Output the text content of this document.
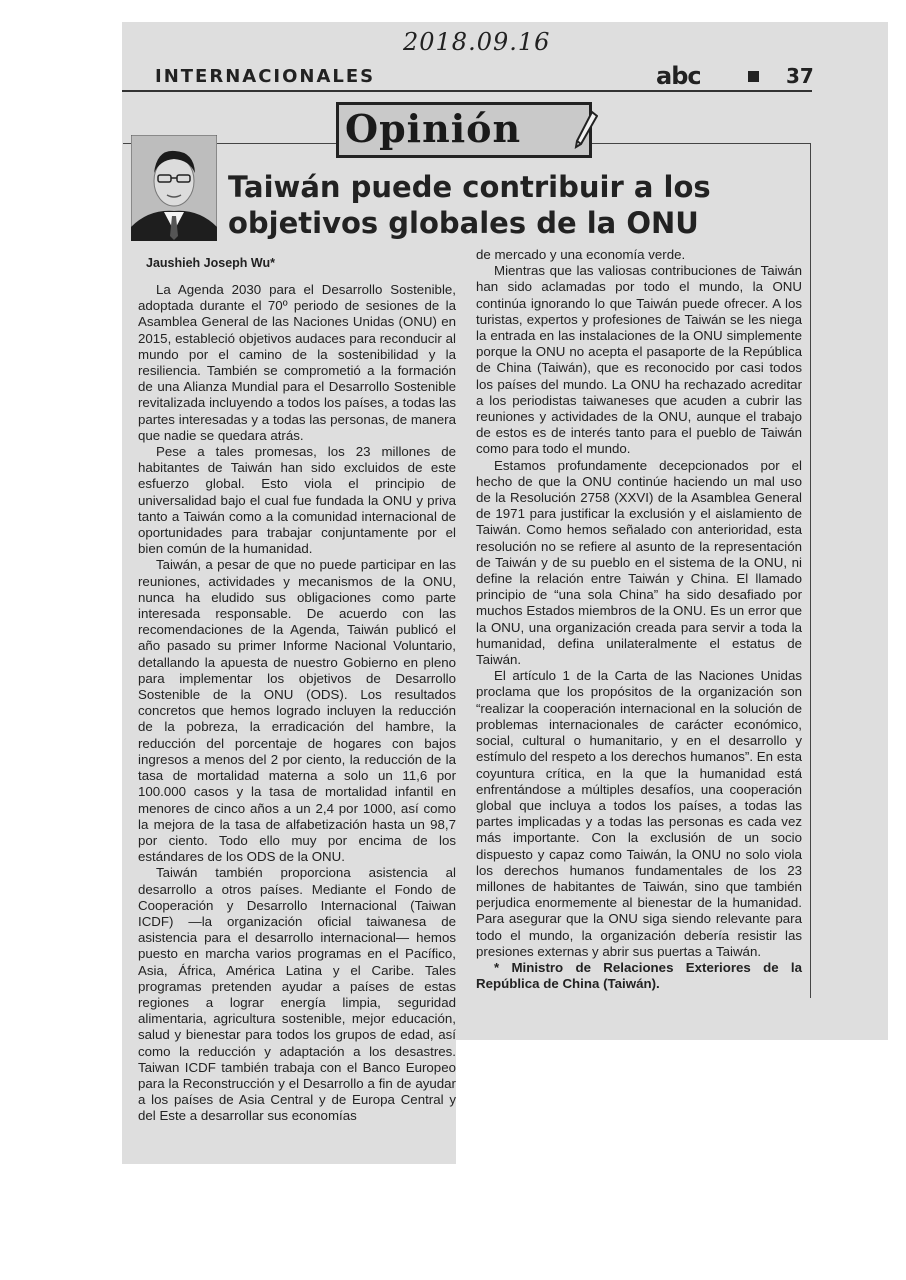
2018.09.16
INTERNACIONALES	abc	37
Opinión
Taiwán puede contribuir a los
objetivos globales de la ONU
Jaushieh Joseph Wu*

La Agenda 2030 para el Desarrollo Sostenible, adoptada durante el 70º periodo de sesiones de la Asamblea General de las Naciones Unidas (ONU) en 2015, estableció objetivos audaces para reconducir al mundo por el camino de la sostenibilidad y la resiliencia. También se comprometió a la formación de una Alianza Mundial para el Desarrollo Sostenible revitalizada incluyendo a todos los países, a todas las partes interesadas y a todas las personas, de manera que nadie se quedara atrás.

Pese a tales promesas, los 23 millones de habitantes de Taiwán han sido excluidos de este esfuerzo global. Esto viola el principio de universalidad bajo el cual fue fundada la ONU y priva tanto a Taiwán como a la comunidad internacional de oportunidades para trabajar conjuntamente por el bien común de la humanidad.

Taiwán, a pesar de que no puede participar en las reuniones, actividades y mecanismos de la ONU, nunca ha eludido sus obligaciones como parte interesada responsable. De acuerdo con las recomendaciones de la Agenda, Taiwán publicó el año pasado su primer Informe Nacional Voluntario, detallando la apuesta de nuestro Gobierno en pleno para implementar los objetivos de Desarrollo Sostenible de la ONU (ODS). Los resultados concretos que hemos logrado incluyen la reducción de la pobreza, la erradicación del hambre, la reducción del porcentaje de hogares con bajos ingresos a menos del 2 por ciento, la reducción de la tasa de mortalidad materna a solo un 11,6 por 100.000 casos y la tasa de mortalidad infantil en menores de cinco años a un 2,4 por 1000, así como la mejora de la tasa de alfabetización hasta un 98,7 por ciento. Todo ello muy por encima de los estándares de los ODS de la ONU.

Taiwán también proporciona asistencia al desarrollo a otros países. Mediante el Fondo de Cooperación y Desarrollo Internacional (Taiwan ICDF) —la organización oficial taiwanesa de asistencia para el desarrollo internacional— hemos puesto en marcha varios programas en el Pacífico, Asia, África, América Latina y el Caribe. Tales programas pretenden ayudar a países de estas regiones a lograr energía limpia, seguridad alimentaria, agricultura sostenible, mejor educación, salud y bienestar para todos los grupos de edad, así como la reducción y adaptación a los desastres. Taiwan ICDF también trabaja con el Banco Europeo para la Reconstrucción y el Desarrollo a fin de ayudar a los países de Asia Central y de Europa Central y del Este a desarrollar sus economías

de mercado y una economía verde.

Mientras que las valiosas contribuciones de Taiwán han sido aclamadas por todo el mundo, la ONU continúa ignorando lo que Taiwán puede ofrecer. A los turistas, expertos y profesiones de Taiwán se les niega la entrada en las instalaciones de la ONU simplemente porque la ONU no acepta el pasaporte de la República de China (Taiwán), que es reconocido por casi todos los países del mundo. La ONU ha rechazado acreditar a los periodistas taiwaneses que acuden a cubrir las reuniones y actividades de la ONU, aunque el trabajo de estos es de interés tanto para el pueblo de Taiwán como para todo el mundo.

Estamos profundamente decepcionados por el hecho de que la ONU continúe haciendo un mal uso de la Resolución 2758 (XXVI) de la Asamblea General de 1971 para justificar la exclusión y el aislamiento de Taiwán. Como hemos señalado con anterioridad, esta resolución no se refiere al asunto de la representación de Taiwán y de su pueblo en el sistema de la ONU, ni define la relación entre Taiwán y China. El llamado principio de “una sola China” ha sido desafiado por muchos Estados miembros de la ONU. Es un error que la ONU, una organización creada para servir a toda la humanidad, defina unilateralmente el estatus de Taiwán.

El artículo 1 de la Carta de las Naciones Unidas proclama que los propósitos de la organización son “realizar la cooperación internacional en la solución de problemas internacionales de carácter económico, social, cultural o humanitario, y en el desarrollo y estímulo del respeto a los derechos humanos”. En esta coyuntura crítica, en la que la humanidad está enfrentándose a múltiples desafíos, una cooperación global que incluya a todos los países, a todas las partes implicadas y a todas las personas es cada vez más importante. Con la exclusión de un socio dispuesto y capaz como Taiwán, la ONU no solo viola los derechos humanos fundamentales de los 23 millones de habitantes de Taiwán, sino que también perjudica enormemente al bienestar de la humanidad. Para asegurar que la ONU siga siendo relevante para todo el mundo, la organización debería resistir las presiones externas y abrir sus puertas a Taiwán.

* Ministro de Relaciones Exteriores de la República de China (Taiwán).
